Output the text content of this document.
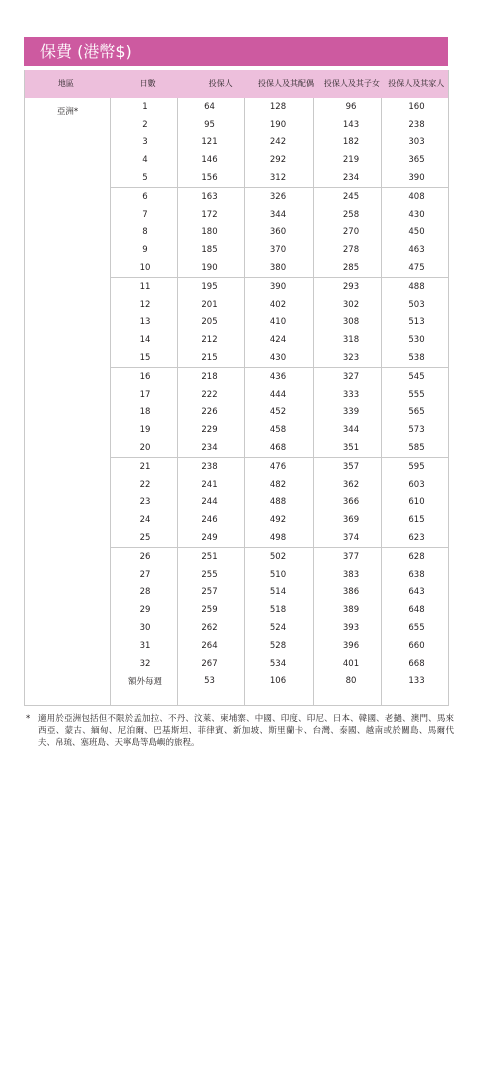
保費 (港幣$)
地區	日數	投保人	投保人及其配偶	投保人及其子女	投保人及其家人
亞洲*
1	64	128	96	160
2	95	190	143	238
3	121	242	182	303
4	146	292	219	365
5	156	312	234	390
6	163	326	245	408
7	172	344	258	430
8	180	360	270	450
9	185	370	278	463
10	190	380	285	475
11	195	390	293	488
12	201	402	302	503
13	205	410	308	513
14	212	424	318	530
15	215	430	323	538
16	218	436	327	545
17	222	444	333	555
18	226	452	339	565
19	229	458	344	573
20	234	468	351	585
21	238	476	357	595
22	241	482	362	603
23	244	488	366	610
24	246	492	369	615
25	249	498	374	623
26	251	502	377	628
27	255	510	383	638
28	257	514	386	643
29	259	518	389	648
30	262	524	393	655
31	264	528	396	660
32	267	534	401	668
額外每週	53	106	80	133
* 適用於亞洲包括但不限於孟加拉、不丹、汶萊、柬埔寨、中國、印度、印尼、日本、韓國、老撾、澳門、馬來西亞、蒙古、緬甸、尼泊爾、巴基斯坦、菲律賓、新加坡、斯里蘭卡、台灣、泰國、越南或於關島、馬爾代夫、帛琉、塞班島、天寧島等島嶼的旅程。
